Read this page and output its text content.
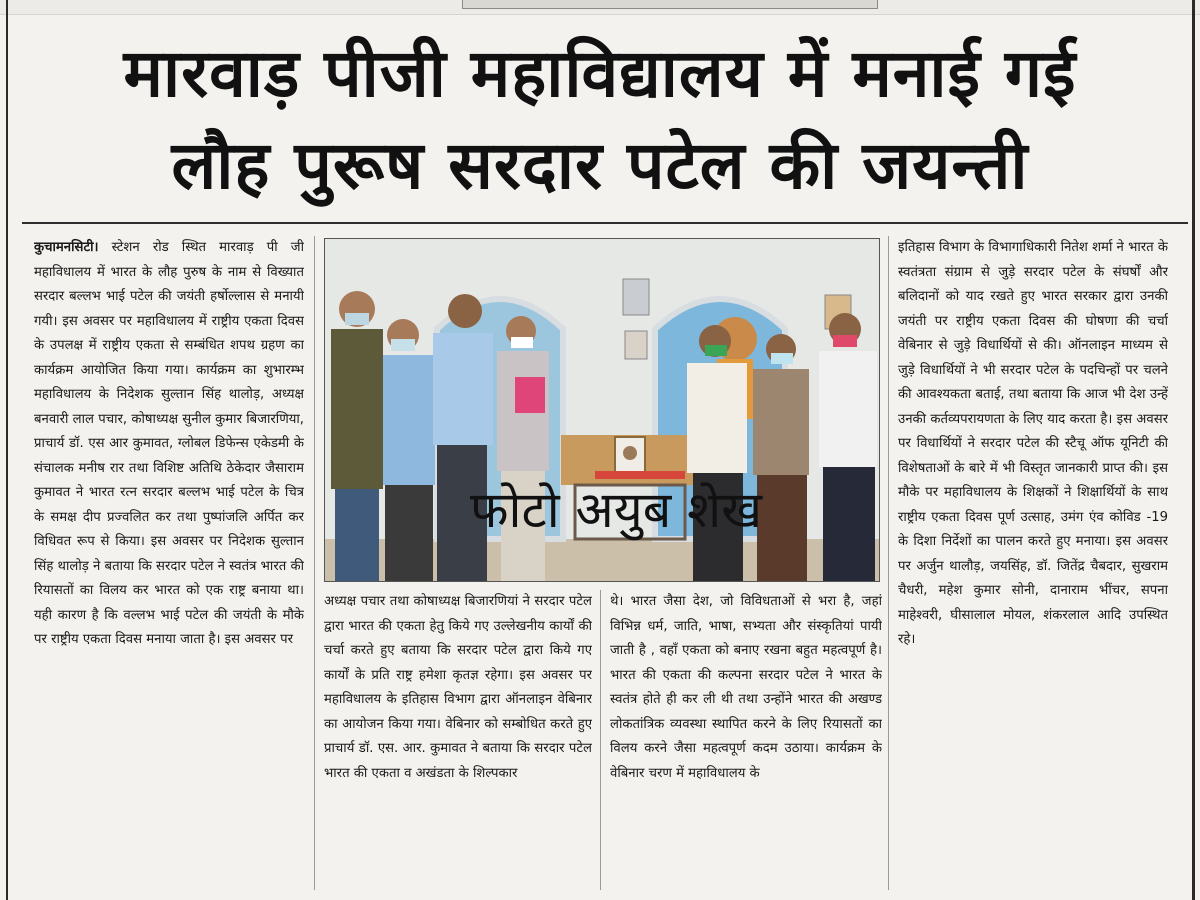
मारवाड़ पीजी महाविद्यालय में मनाई गई
लौह पुरूष सरदार पटेल की जयन्ती

कुचामनसिटी। स्टेशन रोड स्थित मारवाड़ पी जी महाविधालय में भारत के लौह पुरुष के नाम से विख्यात सरदार बल्लभ भाई पटेल की जयंती हर्षोल्लास से मनायी गयी। इस अवसर पर महाविधालय में राष्ट्रीय एकता दिवस के उपलक्ष में राष्ट्रीय एकता से सम्बंधित शपथ ग्रहण का कार्यक्रम आयोजित किया गया। कार्यक्रम का शुभारम्भ महाविधालय के निदेशक सुल्तान सिंह थालोड़, अध्यक्ष बनवारी लाल पचार, कोषाध्यक्ष सुनील कुमार बिजारणिया, प्राचार्य डॉ. एस आर कुमावत, ग्लोबल डिफेन्स एकेडमी के संचालक मनीष रार तथा विशिष्ट अतिथि ठेकेदार जैसाराम कुमावत ने भारत रत्न सरदार बल्लभ भाई पटेल के चित्र के समक्ष दीप प्रज्वलित कर तथा पुष्पांजलि अर्पित कर विधिवत रूप से किया। इस अवसर पर निदेशक सुल्तान सिंह थालोड़ ने बताया कि सरदार पटेल ने स्वतंत्र भारत की रियासतों का विलय कर भारत को एक राष्ट्र बनाया था। यही कारण है कि वल्लभ भाई पटेल की जयंती के मौके पर राष्ट्रीय एकता दिवस मनाया जाता है। इस अवसर पर

फोटो अयुब शेख

अध्यक्ष पचार तथा कोषाध्यक्ष बिजारणियां ने सरदार पटेल द्वारा भारत की एकता हेतु किये गए उल्लेखनीय कार्यों की चर्चा करते हुए बताया कि सरदार पटेल द्वारा किये गए कार्यों के प्रति राष्ट्र हमेशा कृतज्ञ रहेगा। इस अवसर पर महाविधालय के इतिहास विभाग द्वारा ऑनलाइन वेबिनार का आयोजन किया गया। वेबिनार को सम्बोधित करते हुए प्राचार्य डॉ. एस. आर. कुमावत ने बताया कि सरदार पटेल भारत की एकता व अखंडता के शिल्पकार

थे। भारत जैसा देश, जो विविधताओं से भरा है, जहां विभिन्न धर्म, जाति, भाषा, सभ्यता और संस्कृतियां पायी जाती है , वहाँ एकता को बनाए रखना बहुत महत्वपूर्ण है। भारत की एकता की कल्पना सरदार पटेल ने भारत के स्वतंत्र होते ही कर ली थी तथा उन्होंने भारत की अखण्ड लोकतांत्रिक व्यवस्था स्थापित करने के लिए रियासतों का विलय करने जैसा महत्वपूर्ण कदम उठाया। कार्यक्रम के वेबिनार चरण में महाविधालय के

इतिहास विभाग के विभागाधिकारी नितेश शर्मा ने भारत के स्वतंत्रता संग्राम से जुड़े सरदार पटेल के संघर्षों और बलिदानों को याद रखते हुए भारत सरकार द्वारा उनकी जयंती पर राष्ट्रीय एकता दिवस की घोषणा की चर्चा वेबिनार से जुड़े विधार्थियों से की। ऑनलाइन माध्यम से जुड़े विधार्थियों ने भी सरदार पटेल के पदचिन्हों पर चलने की आवश्यकता बताई, तथा बताया कि आज भी देश उन्हें उनकी कर्तव्यपरायणता के लिए याद करता है। इस अवसर पर विधार्थियों ने सरदार पटेल की स्टैचू ऑफ यूनिटी की विशेषताओं के बारे में भी विस्तृत जानकारी प्राप्त की। इस मौके पर महाविधालय के शिक्षकों ने शिक्षार्थियों के साथ राष्ट्रीय एकता दिवस पूर्ण उत्साह, उमंग एंव कोविड -19 के दिशा निर्देशों का पालन करते हुए मनाया। इस अवसर पर अर्जुन थालौड़, जयसिंह, डॉ. जितेंद्र चैबदार, सुखराम चैधरी, महेश कुमार सोनी, दानाराम भींचर, सपना माहेश्वरी, घीसालाल मोयल, शंकरलाल आदि उपस्थित रहे।
